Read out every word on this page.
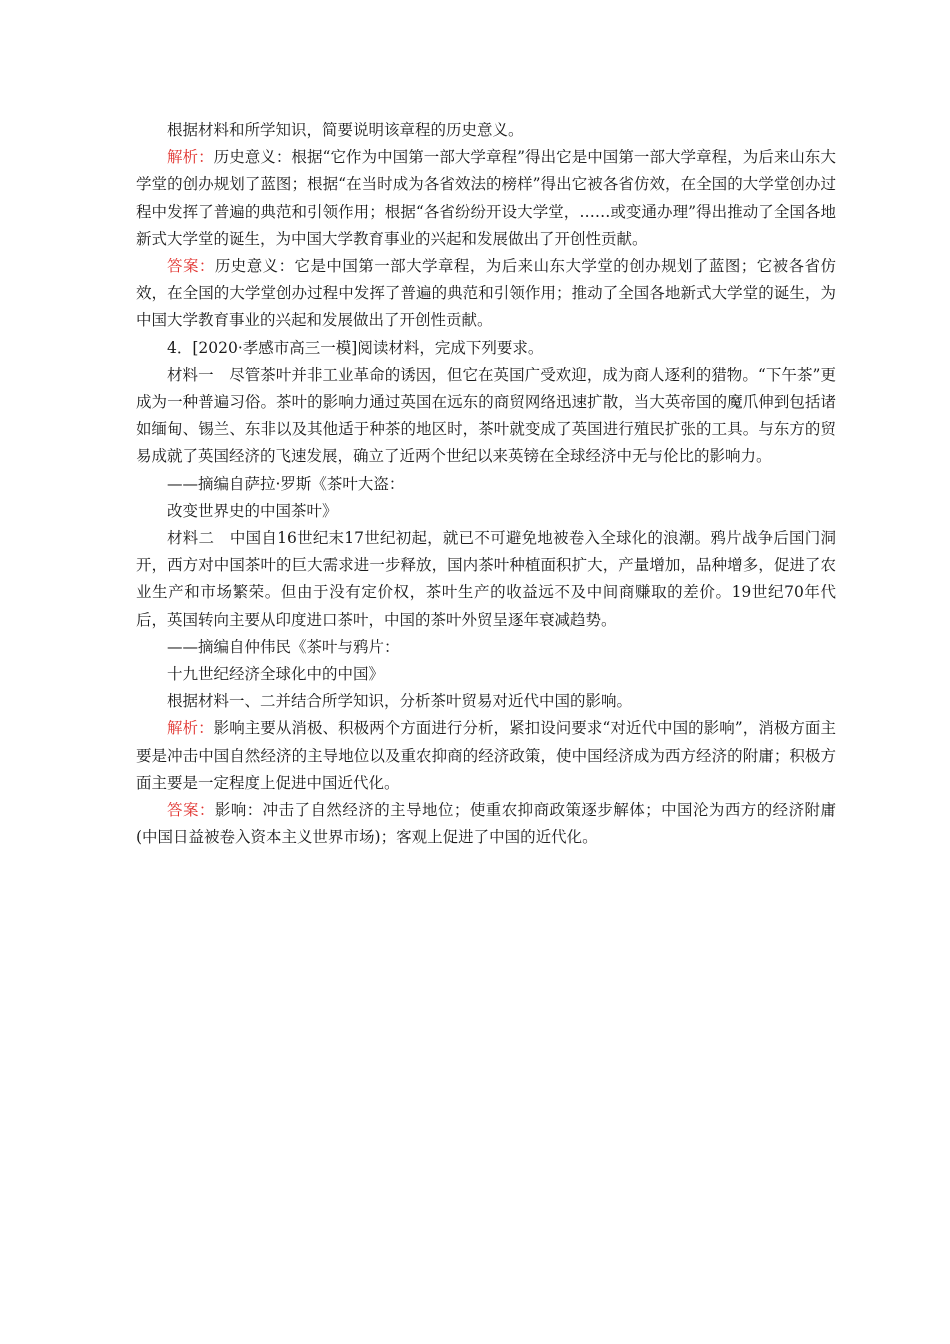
根据材料和所学知识，简要说明该章程的历史意义。

解析：历史意义：根据“它作为中国第一部大学章程”得出它是中国第一部大学章程，为后来山东大学堂的创办规划了蓝图；根据“在当时成为各省效法的榜样”得出它被各省仿效，在全国的大学堂创办过程中发挥了普遍的典范和引领作用；根据“各省纷纷开设大学堂，……或变通办理”得出推动了全国各地新式大学堂的诞生，为中国大学教育事业的兴起和发展做出了开创性贡献。

答案：历史意义：它是中国第一部大学章程，为后来山东大学堂的创办规划了蓝图；它被各省仿效，在全国的大学堂创办过程中发挥了普遍的典范和引领作用；推动了全国各地新式大学堂的诞生，为中国大学教育事业的兴起和发展做出了开创性贡献。

4．[2020·孝感市高三一模]阅读材料，完成下列要求。

材料一　尽管茶叶并非工业革命的诱因，但它在英国广受欢迎，成为商人逐利的猎物。“下午茶”更成为一种普遍习俗。茶叶的影响力通过英国在远东的商贸网络迅速扩散，当大英帝国的魔爪伸到包括诸如缅甸、锡兰、东非以及其他适于种茶的地区时，茶叶就变成了英国进行殖民扩张的工具。与东方的贸易成就了英国经济的飞速发展，确立了近两个世纪以来英镑在全球经济中无与伦比的影响力。

——摘编自萨拉·罗斯《茶叶大盗：

改变世界史的中国茶叶》

材料二　中国自16世纪末17世纪初起，就已不可避免地被卷入全球化的浪潮。鸦片战争后国门洞开，西方对中国茶叶的巨大需求进一步释放，国内茶叶种植面积扩大，产量增加，品种增多，促进了农业生产和市场繁荣。但由于没有定价权，茶叶生产的收益远不及中间商赚取的差价。19世纪70年代后，英国转向主要从印度进口茶叶，中国的茶叶外贸呈逐年衰减趋势。

——摘编自仲伟民《茶叶与鸦片：

十九世纪经济全球化中的中国》

根据材料一、二并结合所学知识，分析茶叶贸易对近代中国的影响。

解析：影响主要从消极、积极两个方面进行分析，紧扣设问要求“对近代中国的影响”，消极方面主要是冲击中国自然经济的主导地位以及重农抑商的经济政策，使中国经济成为西方经济的附庸；积极方面主要是一定程度上促进中国近代化。

答案：影响：冲击了自然经济的主导地位；使重农抑商政策逐步解体；中国沦为西方的经济附庸(中国日益被卷入资本主义世界市场)；客观上促进了中国的近代化。
